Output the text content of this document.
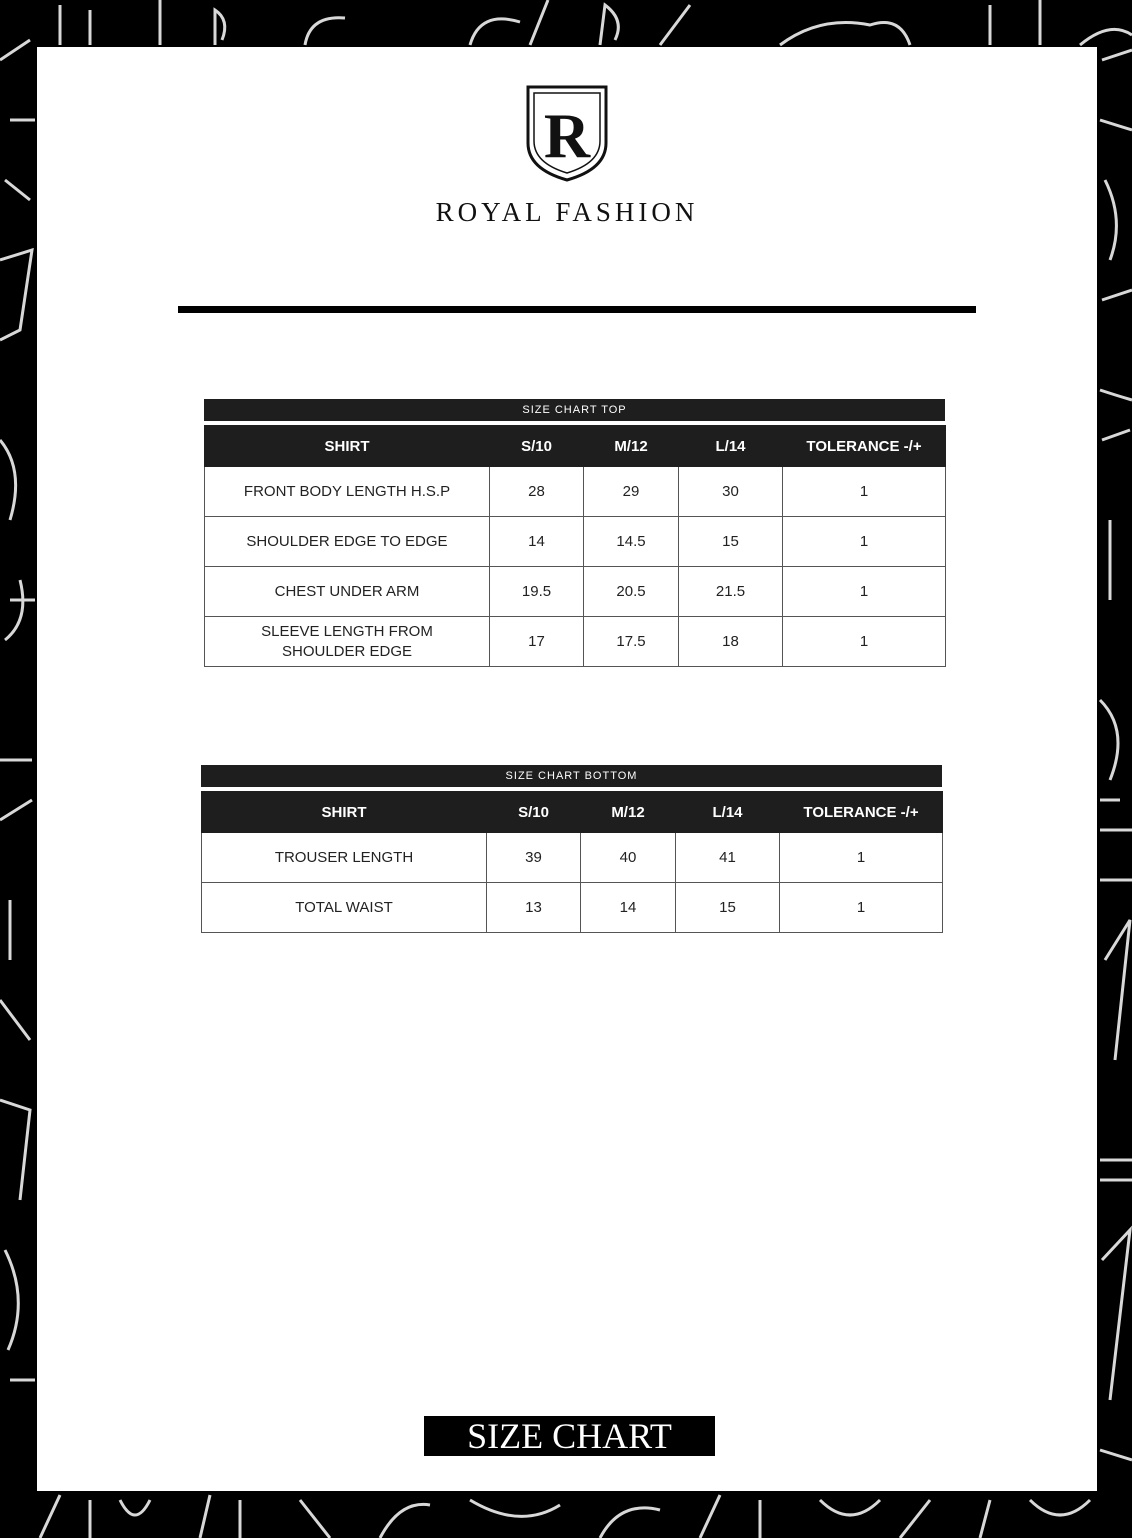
R
ROYAL FASHION
SIZE CHART TOP
SHIRT	S/10	M/12	L/14	TOLERANCE -/+
FRONT BODY LENGTH H.S.P	28	29	30	1
SHOULDER EDGE TO EDGE	14	14.5	15	1
CHEST UNDER ARM	19.5	20.5	21.5	1
SLEEVE LENGTH FROM SHOULDER EDGE	17	17.5	18	1
SIZE CHART BOTTOM
SHIRT	S/10	M/12	L/14	TOLERANCE -/+
TROUSER LENGTH	39	40	41	1
TOTAL WAIST	13	14	15	1
SIZE CHART
